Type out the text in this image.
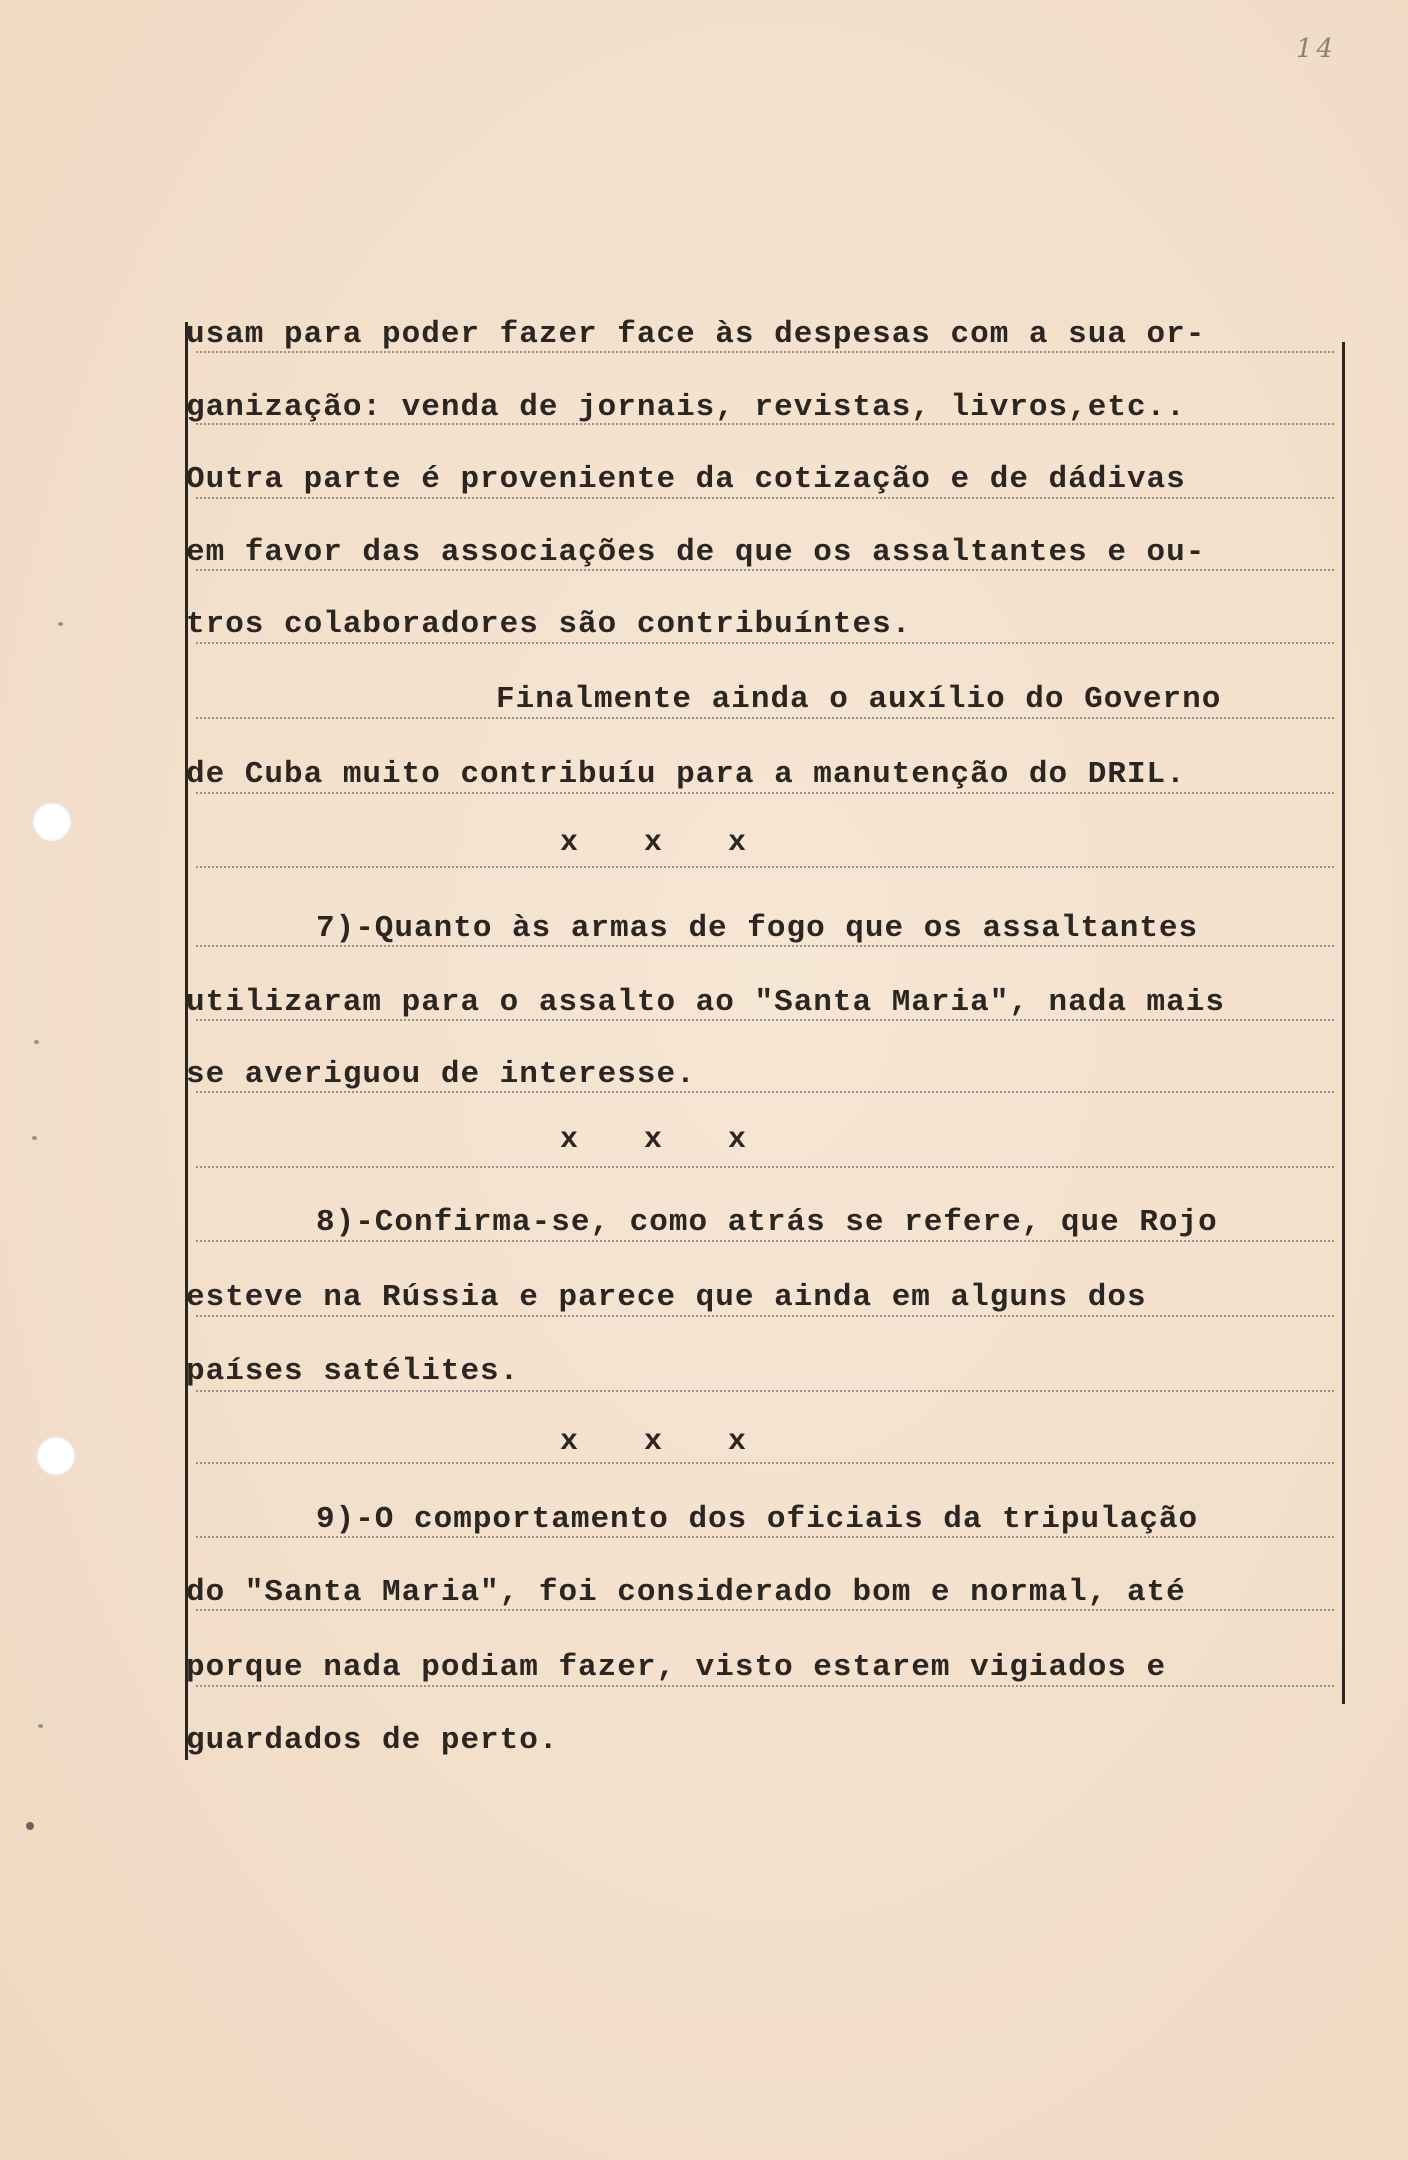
14
usam para poder fazer face às despesas com a sua or-
ganização: venda de jornais, revistas, livros,etc..
Outra parte é proveniente da cotização e de dádivas
em favor das associações de que os assaltantes e ou-
tros colaboradores são contribuíntes.
Finalmente ainda o auxílio do Governo
de Cuba muito contribuíu para a manutenção do DRIL.
x x x
7)-Quanto às armas de fogo que os assaltantes
utilizaram para o assalto ao "Santa Maria", nada mais
se averiguou de interesse.
x x x
8)-Confirma-se, como atrás se refere, que Rojo
esteve na Rússia e parece que ainda em alguns dos
países satélites.
x x x
9)-O comportamento dos oficiais da tripulação
do "Santa Maria", foi considerado bom e normal, até
porque nada podiam fazer, visto estarem vigiados e
guardados de perto.
